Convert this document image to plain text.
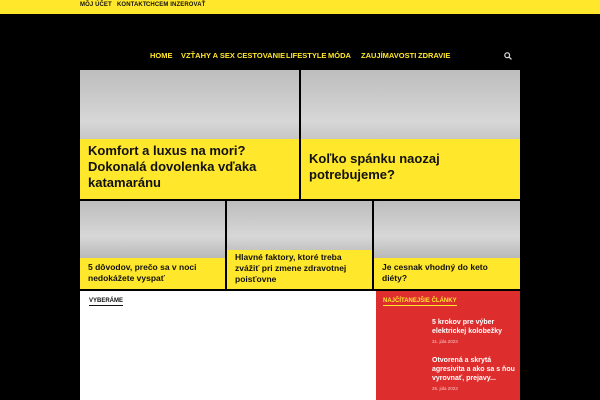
MÔJ ÚČET KONTAKT CHCEM INZEROVAŤ
HOME VZŤAHY A SEX CESTOVANIE LIFESTYLE MÓDA ZAUJÍMAVOSTI ZDRAVIE
Komfort a luxus na mori? Dokonalá dovolenka vďaka katamaránu
Koľko spánku naozaj potrebujeme?
5 dôvodov, prečo sa v noci nedokážete vyspať
Hlavné faktory, ktoré treba zvážiť pri zmene zdravotnej poisťovne
Je cesnak vhodný do keto diéty?
VYBERÁME	NAJČÍTANEJŠIE ČLÁNKY
5 krokov pre výber elektrickej kolobežky
31. júla 2023
Otvorená a skrytá agresivita a ako sa s ňou vyrovnať, prejavy...
25. júla 2023
